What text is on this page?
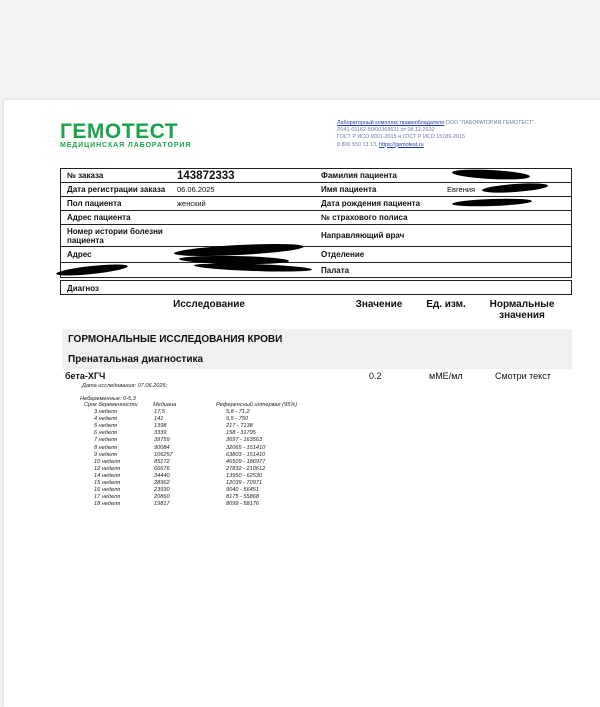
ГЕМОТЕСТ
МЕДИЦИНСКАЯ ЛАБОРАТОРИЯ
Лабораторный комплекс правообладателя ООО "ЛАБОРАТОРИЯ ГЕМОТЕСТ".
Л041-01162-50/00369631 от 08.12.2020
ГОСТ Р ИСО 9001-2015 и ГОСТ Р ИСО 15189-2015
8 800 550 13 13, https://gemotest.ru
№ заказа	143872333	Фамилия пациента
Дата регистрации заказа	06.06.2025	Имя пациента	Евгения
Пол пациента	женский	Дата рождения пациента
Адрес пациента	№ страхового полиса
Номер истории болезни пациента	Направляющий врач
Адрес	Отделение
Палата
Диагноз
Исследование	Значение	Ед. изм.	Нормальные значения
ГОРМОНАЛЬНЫЕ ИССЛЕДОВАНИЯ КРОВИ
Пренатальная диагностика
бета-ХГЧ	0.2	мМЕ/мл	Смотри текст
Дата исследования: 07.06.2025;
Небеременные: 0-5,3
Срок беременности	Медиана	Референсный интервал (95%)
3 неделя	17,5	5,8 - 71,2
4 неделя	141	9,5 - 750
5 неделя	1398	217 - 7138
6 неделя	3339	158 - 31795
7 неделя	39759	3697 - 163563
8 неделя	90084	32065 - 151410
9 неделя	106257	63803 - 151410
10 неделя	85172	46509 - 186977
12 неделя	66676	27832 - 210612
14 неделя	34440	13950 - 62530
15 неделя	28962	12039 - 70971
16 неделя	23930	9040 - 56451
17 неделя	20860	8175 - 55868
18 неделя	19817	8099 - 58176
